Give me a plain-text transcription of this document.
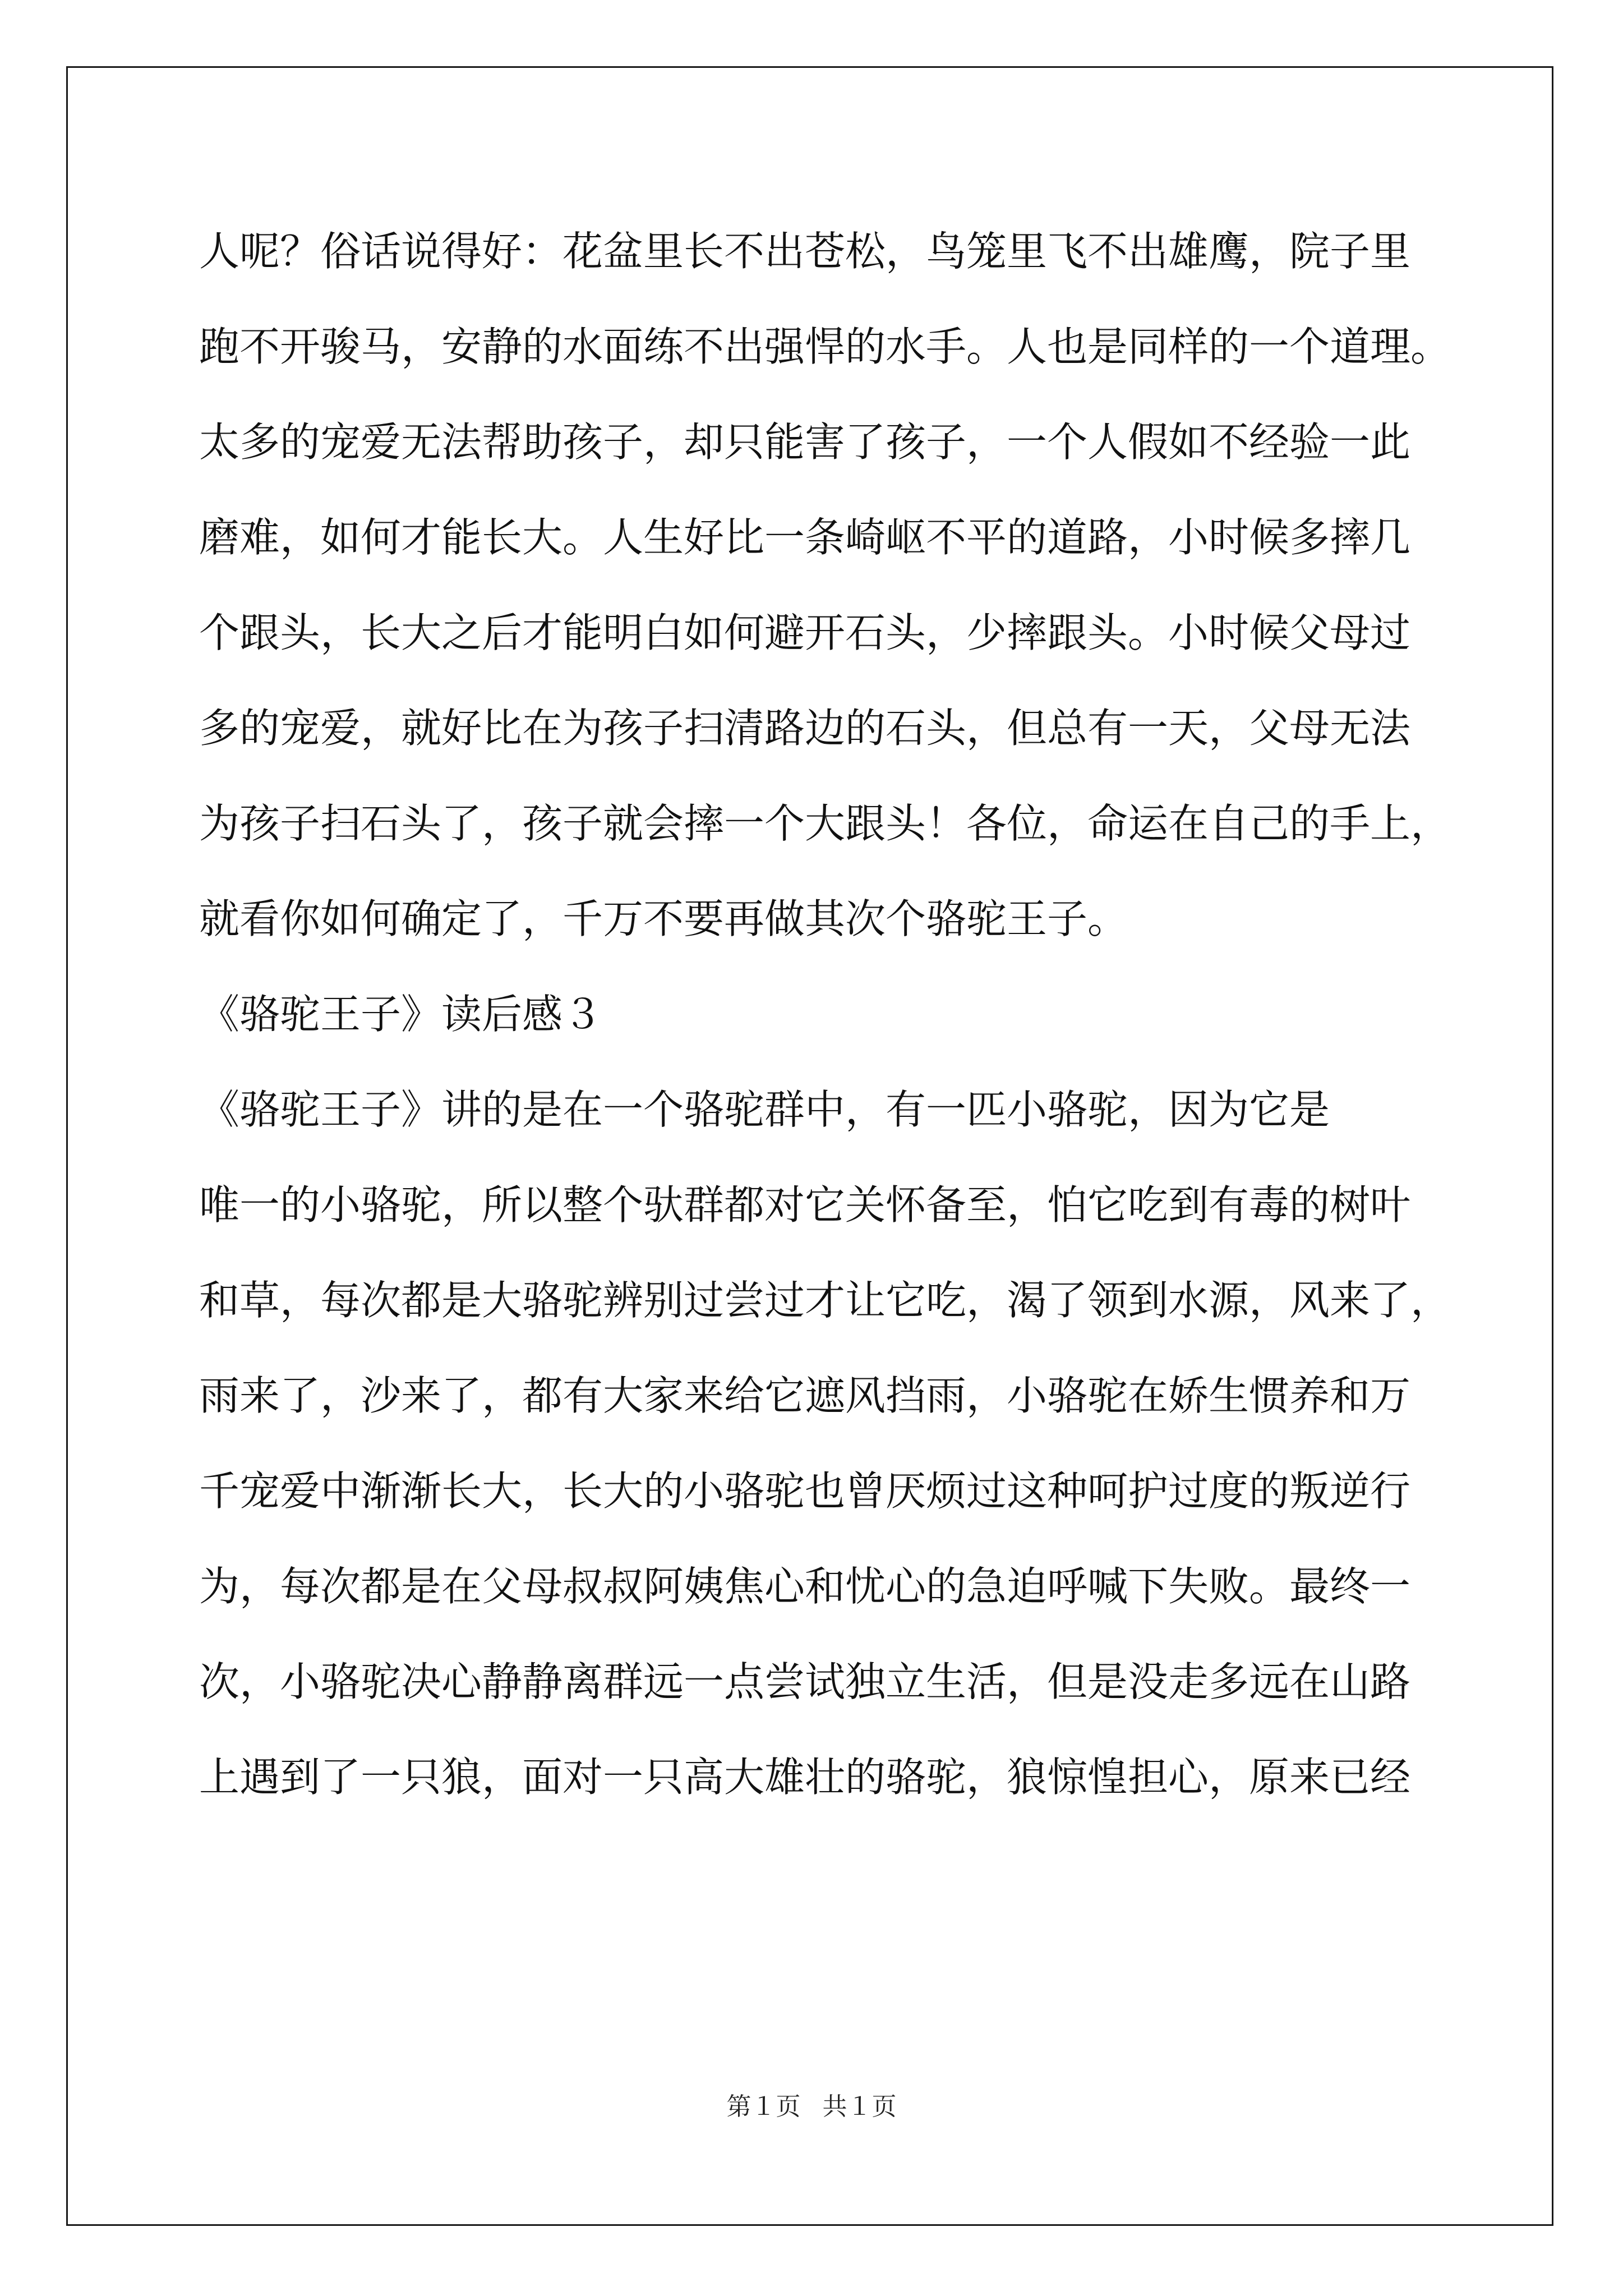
人呢？俗话说得好：花盆里长不出苍松，鸟笼里飞不出雄鹰，院子里
跑不开骏马，安静的水面练不出强悍的水手。人也是同样的一个道理。
太多的宠爱无法帮助孩子，却只能害了孩子，一个人假如不经验一此
磨难，如何才能长大。人生好比一条崎岖不平的道路，小时候多摔几
个跟头，长大之后才能明白如何避开石头，少摔跟头。小时候父母过
多的宠爱，就好比在为孩子扫清路边的石头，但总有一天，父母无法
为孩子扫石头了，孩子就会摔一个大跟头！各位，命运在自己的手上，
就看你如何确定了，千万不要再做其次个骆驼王子。
《骆驼王子》读后感３
《骆驼王子》讲的是在一个骆驼群中，有一匹小骆驼，因为它是
唯一的小骆驼，所以整个驮群都对它关怀备至，怕它吃到有毒的树叶
和草，每次都是大骆驼辨别过尝过才让它吃，渴了领到水源，风来了，
雨来了，沙来了，都有大家来给它遮风挡雨，小骆驼在娇生惯养和万
千宠爱中渐渐长大，长大的小骆驼也曾厌烦过这种呵护过度的叛逆行
为，每次都是在父母叔叔阿姨焦心和忧心的急迫呼喊下失败。最终一
次，小骆驼决心静静离群远一点尝试独立生活，但是没走多远在山路
上遇到了一只狼，面对一只高大雄壮的骆驼，狼惊惶担心，原来已经
第１页 共１页
